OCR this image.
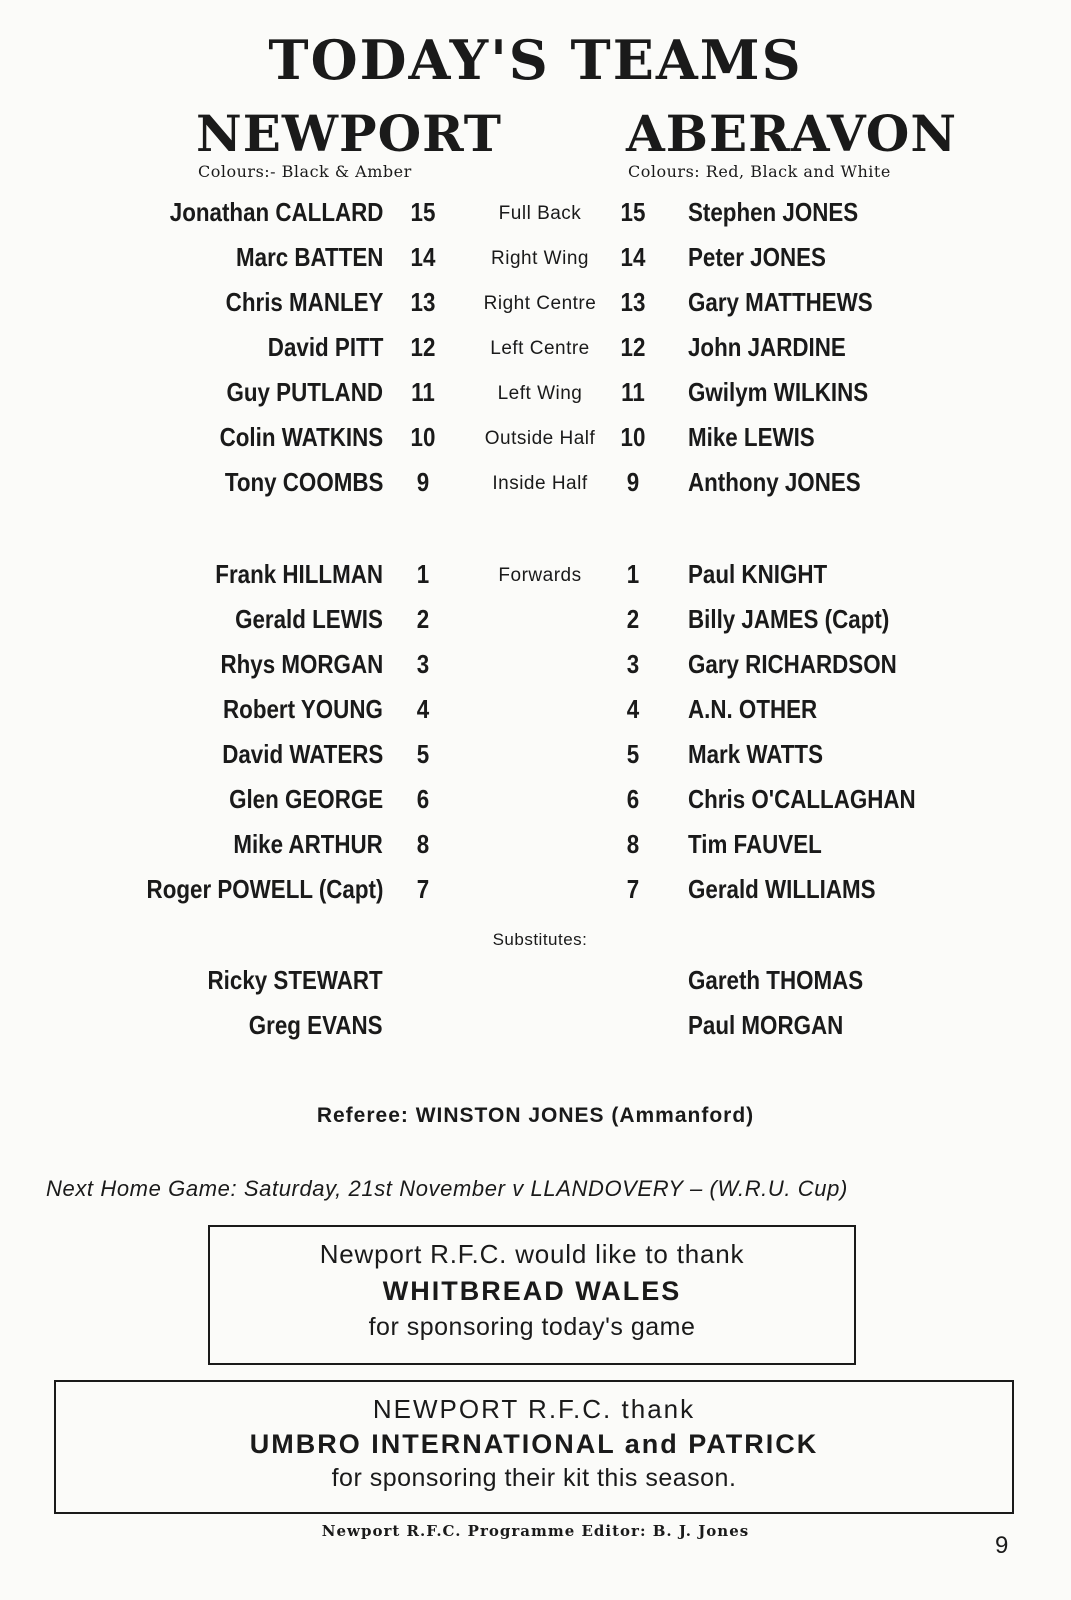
TODAY'S TEAMS
NEWPORT ABERAVON
Colours:- Black & Amber	Colours: Red, Black and White
Jonathan CALLARD 15	Full Back	15 Stephen JONES
Marc BATTEN 14	Right Wing	14 Peter JONES
Chris MANLEY 13	Right Centre 13 Gary MATTHEWS
David PITT 12	Left Centre	12 John JARDINE
Guy PUTLAND	11	Left Wing	11	Gwilym WILKINS
Colin WATKINS 10	Outside Half 10 Mike LEWIS
Tony COOMBS	9	Inside Half	9	Anthony JONES
Frank HILLMAN	1	Forwards	1	Paul KNIGHT
Gerald LEWIS	2	2	Billy JAMES (Capt)
Rhys MORGAN	3	3	Gary RICHARDSON
Robert YOUNG	4	4	A.N. OTHER
David WATERS	5	5	Mark WATTS
Glen GEORGE	6	6	Chris O'CALLAGHAN
Mike ARTHUR	8	8	Tim FAUVEL
Roger POWELL (Capt)	7	7	Gerald WILLIAMS
Substitutes:
Ricky STEWART	Gareth THOMAS
Greg EVANS	Paul MORGAN
Referee: WINSTON JONES (Ammanford)
Next Home Game: Saturday, 21st November v LLANDOVERY – (W.R.U. Cup)
Newport R.F.C. would like to thank
WHITBREAD WALES
for sponsoring today's game
NEWPORT R.F.C. thank
UMBRO INTERNATIONAL and PATRICK
for sponsoring their kit this season.
Newport R.F.C. Programme Editor: B. J. Jones
9
